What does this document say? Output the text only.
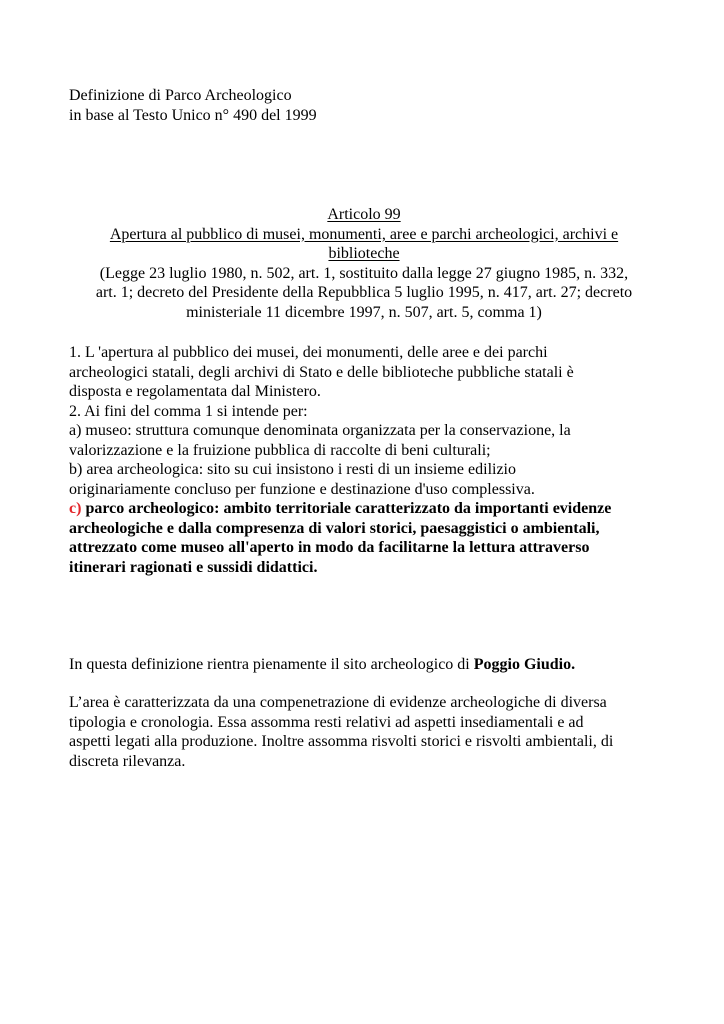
Definizione di Parco Archeologico
in base al Testo Unico n° 490 del 1999
Articolo 99
Apertura al pubblico di musei, monumenti, aree e parchi archeologici, archivi e
biblioteche
(Legge 23 luglio 1980, n. 502, art. 1, sostituito dalla legge 27 giugno 1985, n. 332,
art. 1; decreto del Presidente della Repubblica 5 luglio 1995, n. 417, art. 27; decreto
ministeriale 11 dicembre 1997, n. 507, art. 5, comma 1)
1. L 'apertura al pubblico dei musei, dei monumenti, delle aree e dei parchi
archeologici statali, degli archivi di Stato e delle biblioteche pubbliche statali è
disposta e regolamentata dal Ministero.
2. Ai fini del comma 1 si intende per:
a) museo: struttura comunque denominata organizzata per la conservazione, la
valorizzazione e la fruizione pubblica di raccolte di beni culturali;
b) area archeologica: sito su cui insistono i resti di un insieme edilizio
originariamente concluso per funzione e destinazione d'uso complessiva.
c) parco archeologico: ambito territoriale caratterizzato da importanti evidenze
archeologiche e dalla compresenza di valori storici, paesaggistici o ambientali,
attrezzato come museo all'aperto in modo da facilitarne la lettura attraverso
itinerari ragionati e sussidi didattici.
In questa definizione rientra pienamente il sito archeologico di Poggio Giudio.
L’area è caratterizzata da una compenetrazione di evidenze archeologiche di diversa
tipologia e cronologia. Essa assomma resti relativi ad aspetti insediamentali e ad
aspetti legati alla produzione. Inoltre assomma risvolti storici e risvolti ambientali, di
discreta rilevanza.
